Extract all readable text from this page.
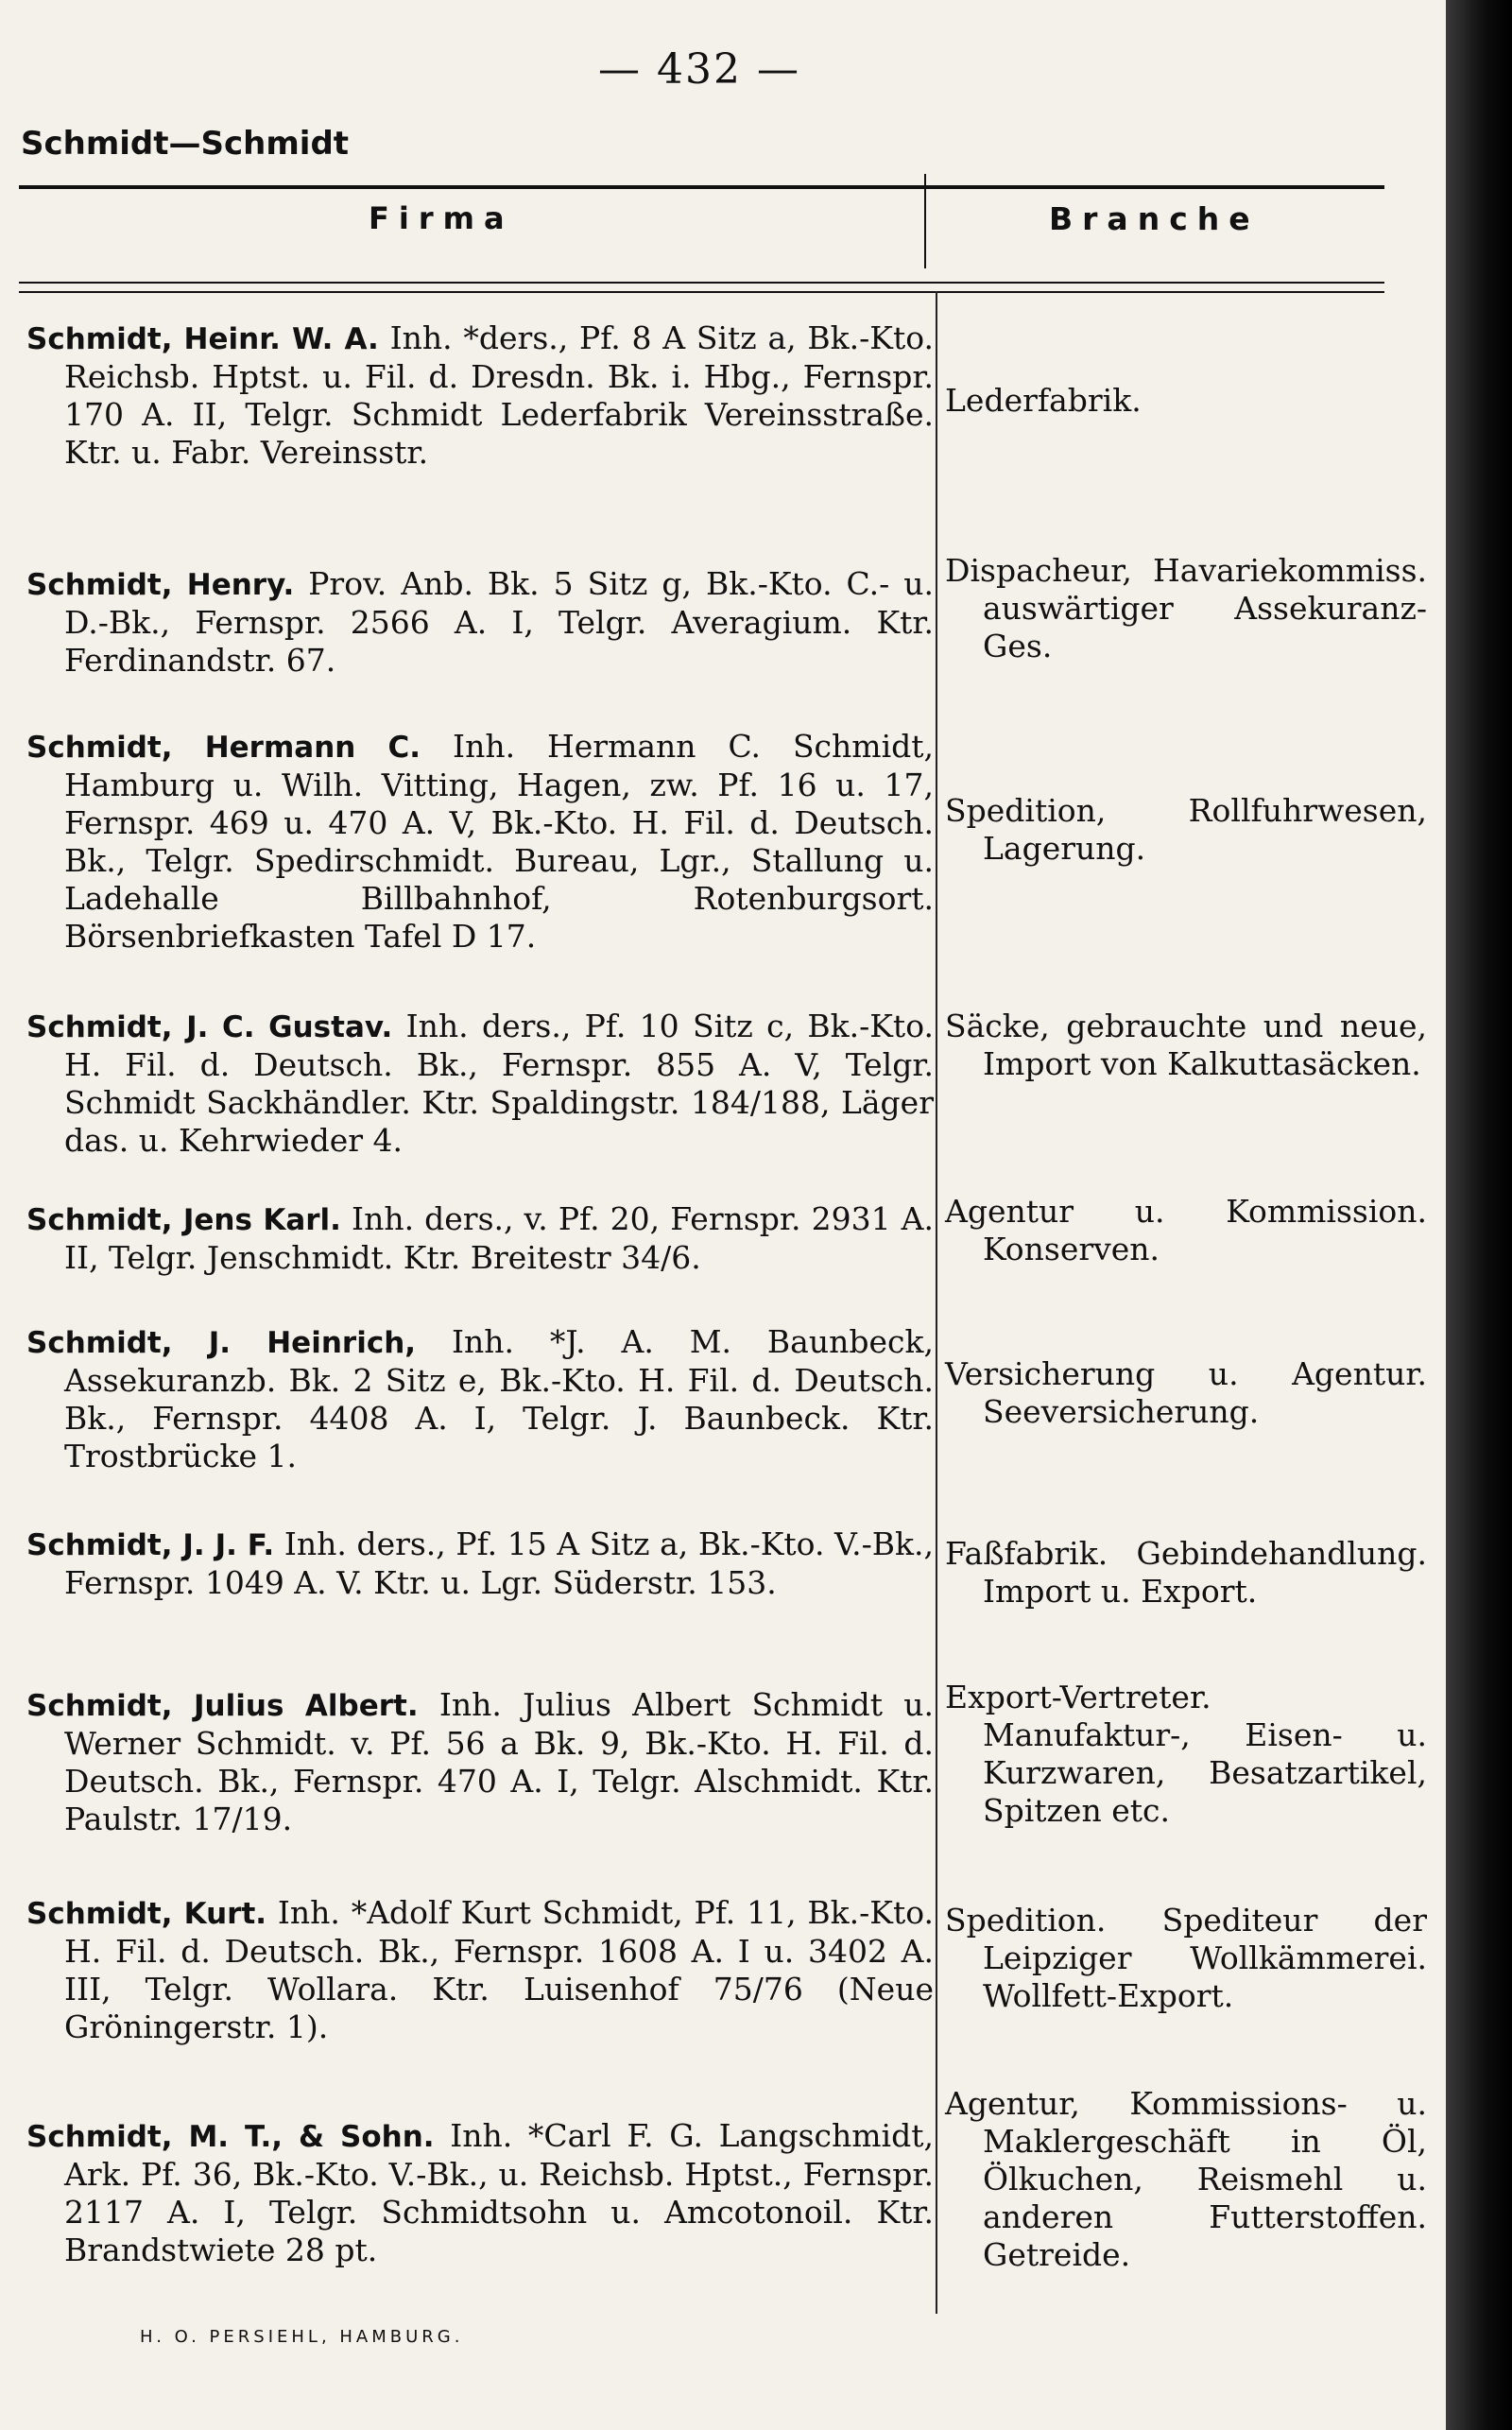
— 432 —
Schmidt—Schmidt
Firma	Branche

Schmidt, Heinr. W. A. Inh. *ders., Pf. 8 A Sitz a, Bk.-Kto. Reichsb. Hptst. u. Fil. d. Dresdn. Bk. i. Hbg., Fernspr. 170 A. II, Telgr. Schmidt Lederfabrik Vereinsstraße. Ktr. u. Fabr. Vereinsstr.

Lederfabrik.

Schmidt, Henry. Prov. Anb. Bk. 5 Sitz g, Bk.-Kto. C.- u. D.-Bk., Fernspr. 2566 A. I, Telgr. Averagium. Ktr. Ferdinandstr. 67.

Dispacheur, Havariekommiss. auswärtiger Assekuranz-Ges.

Schmidt, Hermann C. Inh. Hermann C. Schmidt, Hamburg u. Wilh. Vitting, Hagen, zw. Pf. 16 u. 17, Fernspr. 469 u. 470 A. V, Bk.-Kto. H. Fil. d. Deutsch. Bk., Telgr. Spedirschmidt. Bureau, Lgr., Stallung u. Ladehalle Billbahnhof, Rotenburgsort. Börsenbriefkasten Tafel D 17.

Spedition, Rollfuhrwesen, Lagerung.

Schmidt, J. C. Gustav. Inh. ders., Pf. 10 Sitz c, Bk.-Kto. H. Fil. d. Deutsch. Bk., Fernspr. 855 A. V, Telgr. Schmidt Sackhändler. Ktr. Spaldingstr. 184/188, Läger das. u. Kehrwieder 4.

Säcke, gebrauchte und neue, Import von Kalkuttasäcken.

Schmidt, Jens Karl. Inh. ders., v. Pf. 20, Fernspr. 2931 A. II, Telgr. Jenschmidt. Ktr. Breitestr 34/6.

Agentur u. Kommission. Konserven.

Schmidt, J. Heinrich, Inh. *J. A. M. Baunbeck, Assekuranzb. Bk. 2 Sitz e, Bk.-Kto. H. Fil. d. Deutsch. Bk., Fernspr. 4408 A. I, Telgr. J. Baunbeck. Ktr. Trostbrücke 1.

Versicherung u. Agentur. Seeversicherung.

Schmidt, J. J. F. Inh. ders., Pf. 15 A Sitz a, Bk.-Kto. V.-Bk., Fernspr. 1049 A. V. Ktr. u. Lgr. Süderstr. 153.

Faßfabrik. Gebindehandlung. Import u. Export.

Schmidt, Julius Albert. Inh. Julius Albert Schmidt u. Werner Schmidt. v. Pf. 56 a Bk. 9, Bk.-Kto. H. Fil. d. Deutsch. Bk., Fernspr. 470 A. I, Telgr. Alschmidt. Ktr. Paulstr. 17/19.

Export-Vertreter. Manufaktur-, Eisen- u. Kurzwaren, Besatzartikel, Spitzen etc.

Schmidt, Kurt. Inh. *Adolf Kurt Schmidt, Pf. 11, Bk.-Kto. H. Fil. d. Deutsch. Bk., Fernspr. 1608 A. I u. 3402 A. III, Telgr. Wollara. Ktr. Luisenhof 75/76 (Neue Gröningerstr. 1).

Spedition. Spediteur der Leipziger Wollkämmerei. Wollfett-Export.

Schmidt, M. T., & Sohn. Inh. *Carl F. G. Langschmidt, Ark. Pf. 36, Bk.-Kto. V.-Bk., u. Reichsb. Hptst., Fernspr. 2117 A. I, Telgr. Schmidtsohn u. Amcotonoil. Ktr. Brandstwiete 28 pt.

Agentur, Kommissions- u. Maklergeschäft in Öl, Ölkuchen, Reismehl u. anderen Futterstoffen. Getreide.
H. O. PERSIEHL, HAMBURG.
